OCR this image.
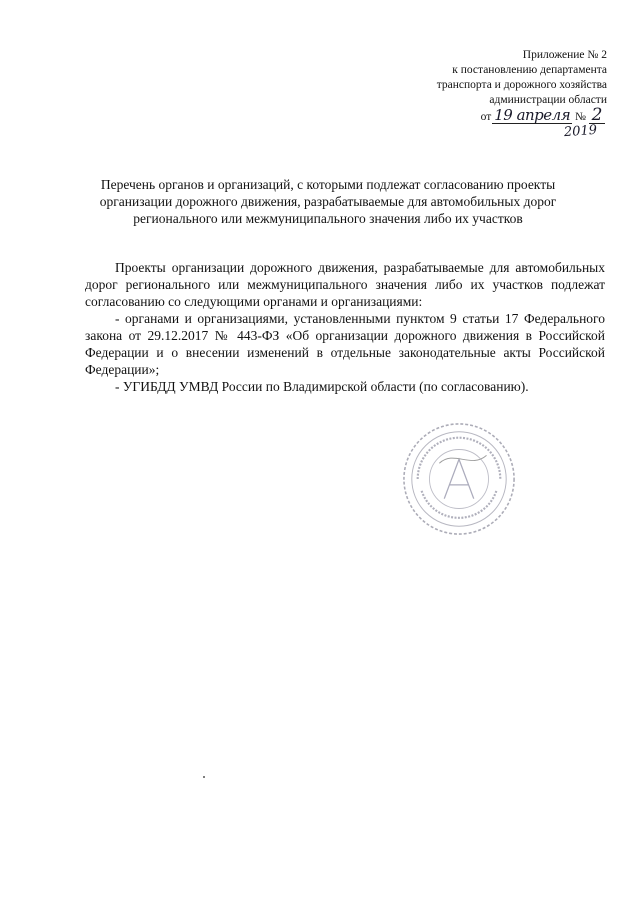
Приложение № 2
к постановлению департамента
транспорта и дорожного хозяйства
администрации области
от 19 апреля № 2
2019
Перечень органов и организаций, с которыми подлежат согласованию проекты организации дорожного движения, разрабатываемые для автомобильных дорог регионального или межмуниципального значения либо их участков

Проекты организации дорожного движения, разрабатываемые для автомобильных дорог регионального или межмуниципального значения либо их участков подлежат согласованию со следующими органами и организациями:

- органами и организациями, установленными пунктом 9 статьи 17 Федерального закона от 29.12.2017 № 443-ФЗ «Об организации дорожного движения в Российской Федерации и о внесении изменений в отдельные законодательные акты Российской Федерации»;

- УГИБДД УМВД России по Владимирской области (по согласованию).
